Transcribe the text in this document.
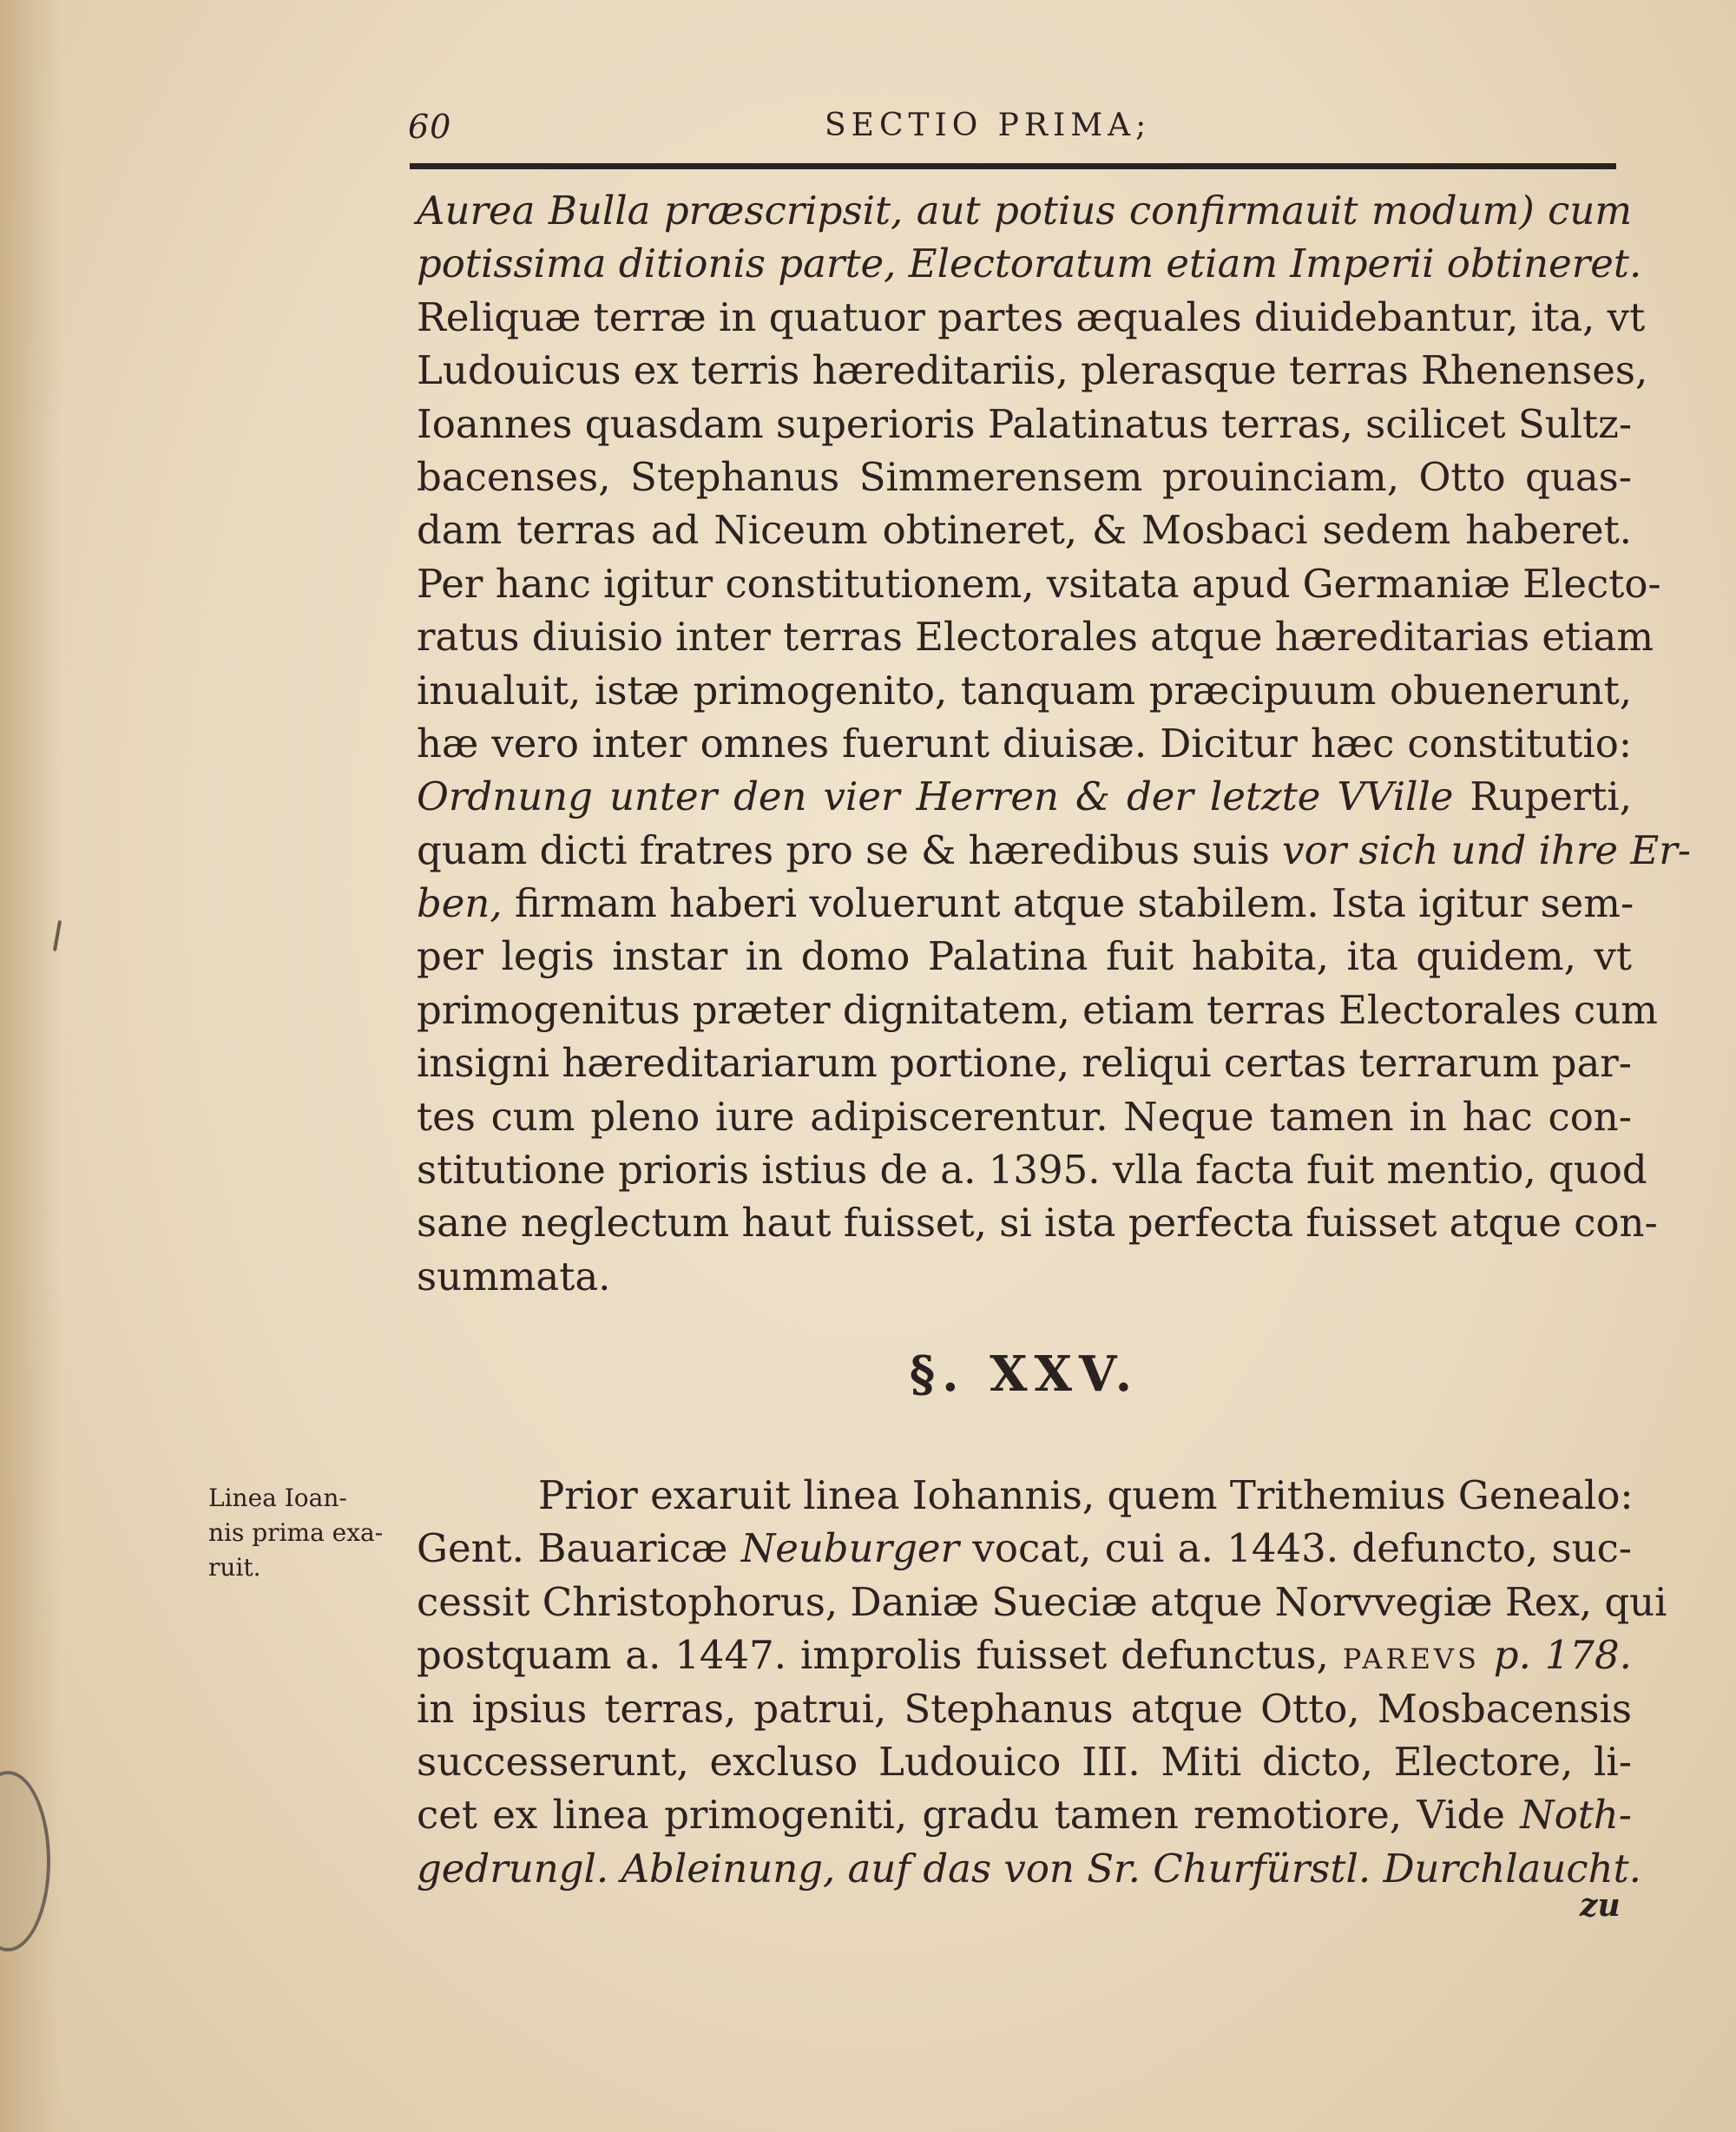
60	SECTIO PRIMA;
Aurea Bulla præscripsit, aut potius confirmauit modum) cum
potissima ditionis parte, Electoratum etiam Imperii obtineret.
Reliquæ terræ in quatuor partes æquales diuidebantur, ita, vt
Ludouicus ex terris hæreditariis, plerasque terras Rhenenses,
Ioannes quasdam superioris Palatinatus terras, scilicet Sultz-
bacenses, Stephanus Simmerensem prouinciam, Otto quas-
dam terras ad Niceum obtineret, & Mosbaci sedem haberet.
Per hanc igitur constitutionem, vsitata apud Germaniæ Electo-
ratus diuisio inter terras Electorales atque hæreditarias etiam
inualuit, istæ primogenito, tanquam præcipuum obuenerunt,
hæ vero inter omnes fuerunt diuisæ. Dicitur hæc constitutio:
Ordnung unter den vier Herren & der letzte VVille Ruperti,
quam dicti fratres pro se & hæredibus suis vor sich und ihre Er-
ben, firmam haberi voluerunt atque stabilem. Ista igitur sem-
per legis instar in domo Palatina fuit habita, ita quidem, vt
primogenitus præter dignitatem, etiam terras Electorales cum
insigni hæreditariarum portione, reliqui certas terrarum par-
tes cum pleno iure adipiscerentur. Neque tamen in hac con-
stitutione prioris istius de a. 1395. vlla facta fuit mentio, quod
sane neglectum haut fuisset, si ista perfecta fuisset atque con-
summata.
§. XXV.
Linea Ioan-
nis prima exa-
ruit.
Prior exaruit linea Iohannis, quem Trithemius Genealo:
Gent. Bauaricæ Neuburger vocat, cui a. 1443. defuncto, suc-
cessit Christophorus, Daniæ Sueciæ atque Norvvegiæ Rex, qui
postquam a. 1447. improlis fuisset defunctus, PAREVS p. 178.
in ipsius terras, patrui, Stephanus atque Otto, Mosbacensis
successerunt, excluso Ludouico III. Miti dicto, Electore, li-
cet ex linea primogeniti, gradu tamen remotiore, Vide Noth-
gedrungl. Ableinung, auf das von Sr. Churfürstl. Durchlaucht.
zu
